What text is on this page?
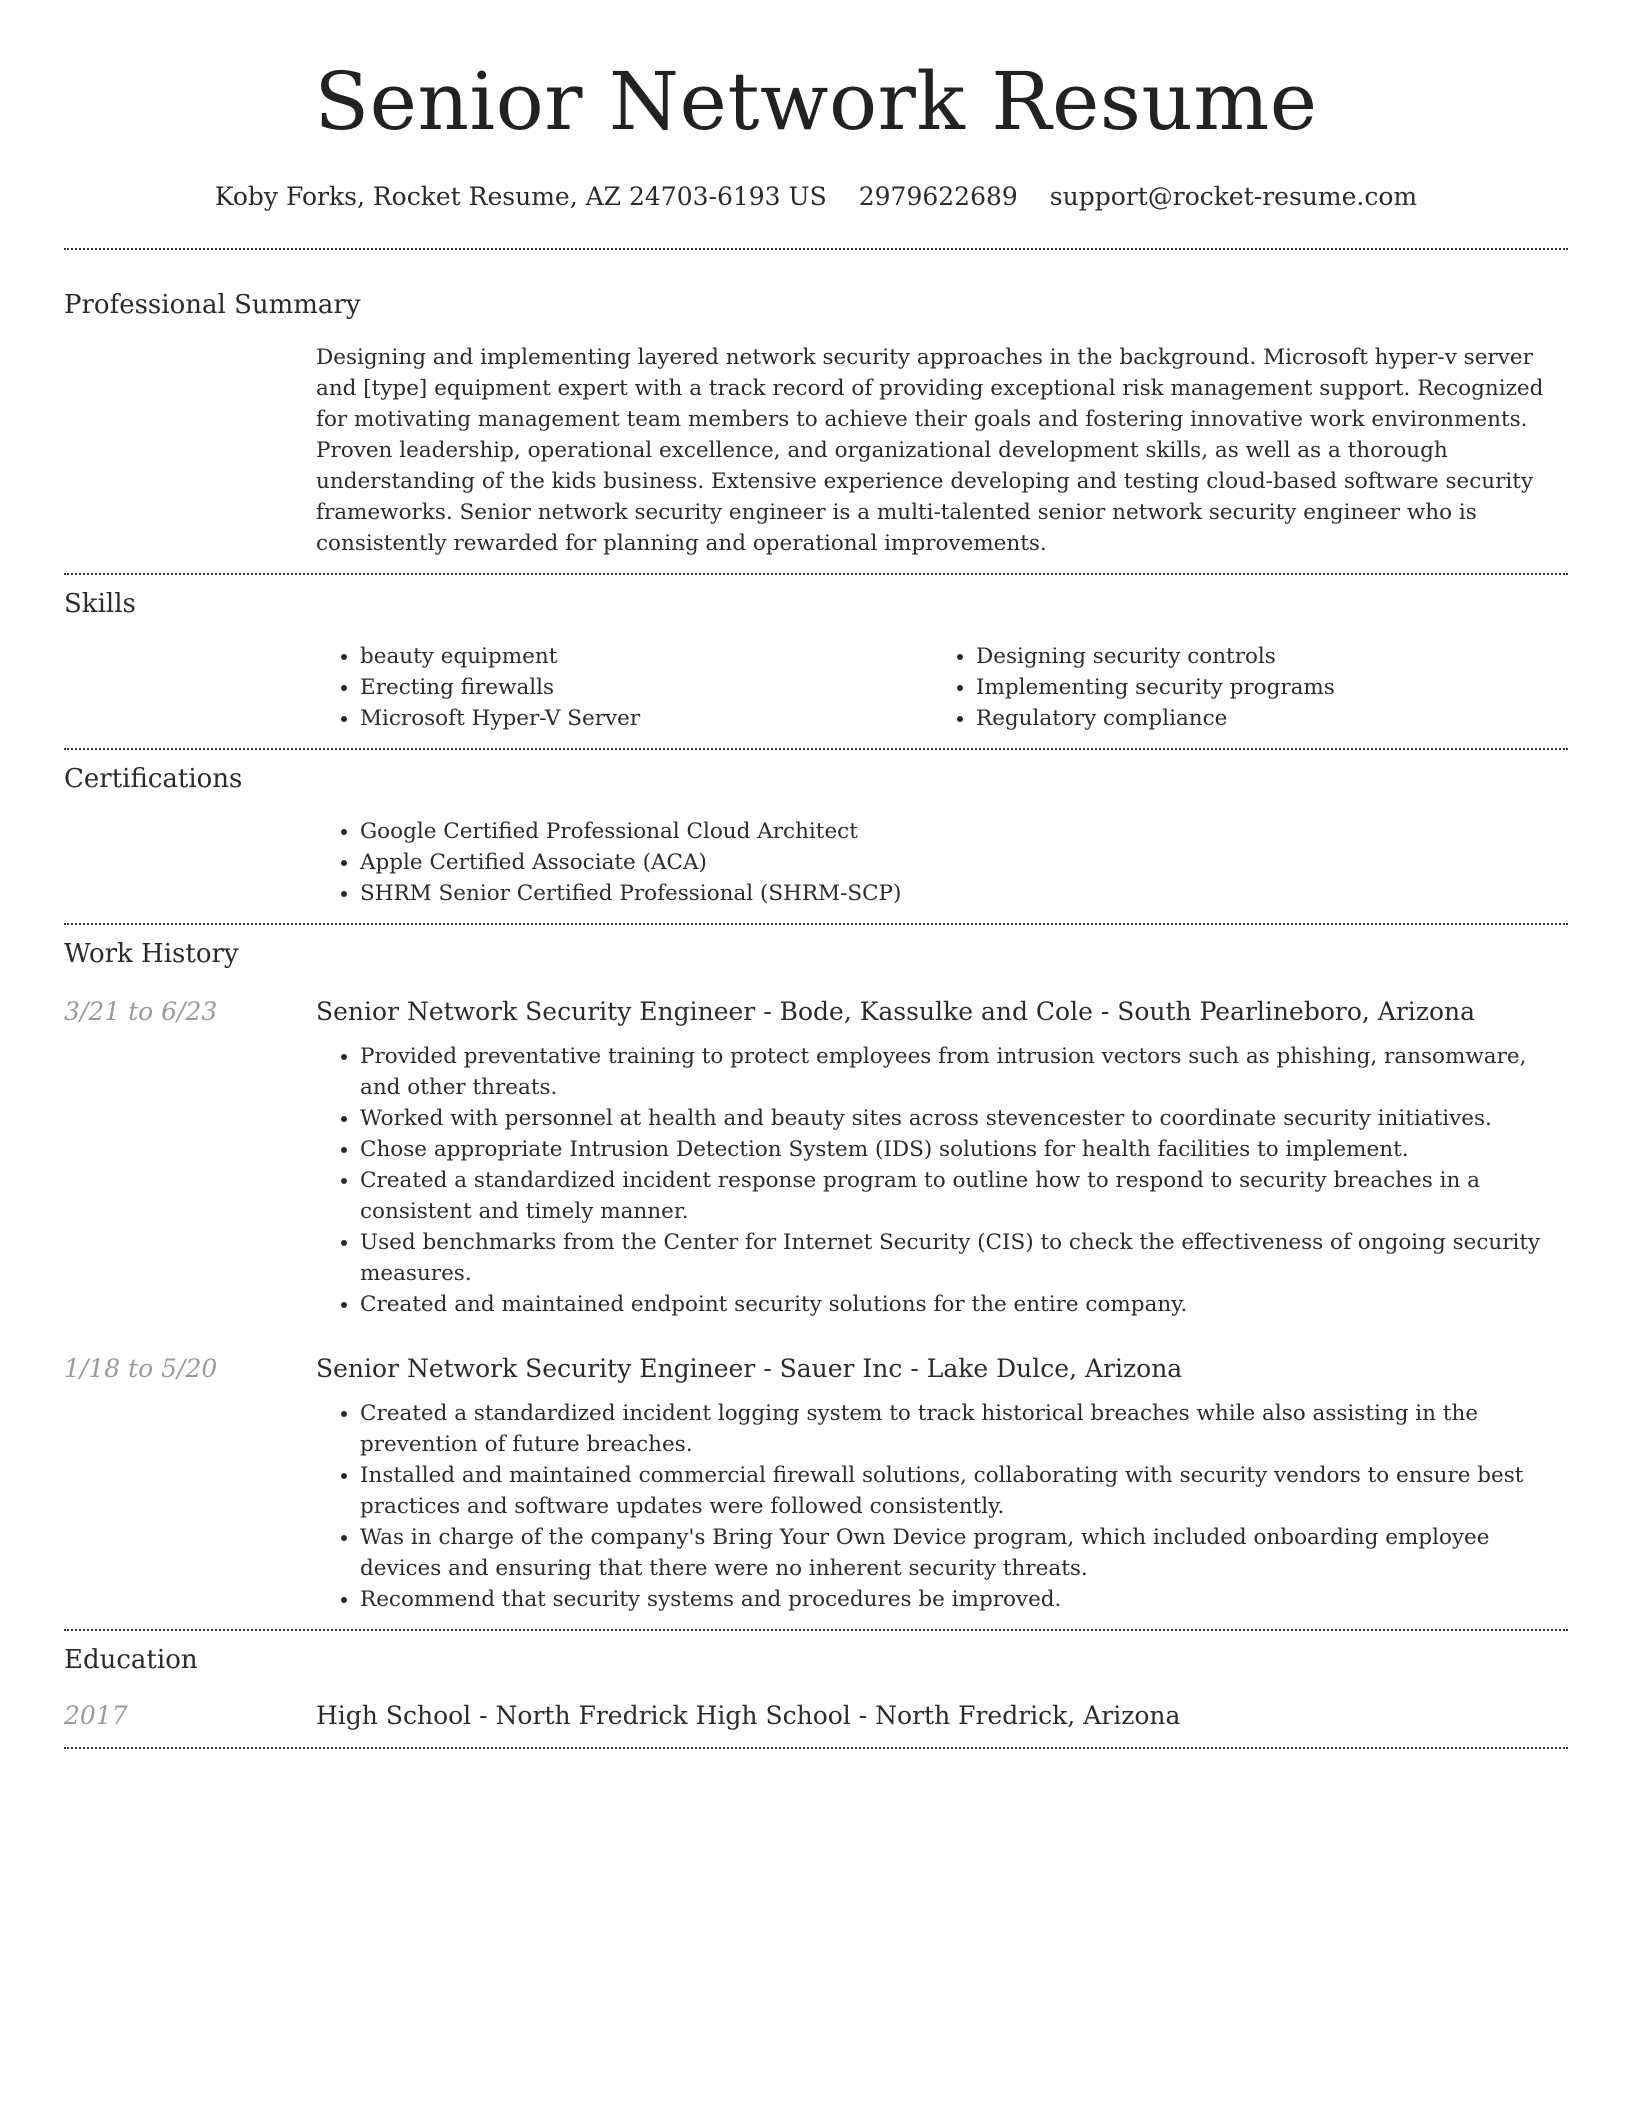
Senior Network Resume
Koby Forks, Rocket Resume, AZ 24703-6193 US 2979622689 support@rocket-resume.com
Professional Summary

Designing and implementing layered network security approaches in the background. Microsoft hyper-v server and [type] equipment expert with a track record of providing exceptional risk management support. Recognized for motivating management team members to achieve their goals and fostering innovative work environments. Proven leadership, operational excellence, and organizational development skills, as well as a thorough understanding of the kids business. Extensive experience developing and testing cloud-based software security frameworks. Senior network security engineer is a multi-talented senior network security engineer who is consistently rewarded for planning and operational improvements.

Skills
• beauty equipment
• Erecting firewalls
• Microsoft Hyper-V Server
• Designing security controls
• Implementing security programs
• Regulatory compliance
Certifications
• Google Certified Professional Cloud Architect
• Apple Certified Associate (ACA)
• SHRM Senior Certified Professional (SHRM-SCP)
Work History
3/21 to 6/23	Senior Network Security Engineer - Bode, Kassulke and Cole - South Pearlineboro, Arizona
• Provided preventative training to protect employees from intrusion vectors such as phishing, ransomware, and other threats.
• Worked with personnel at health and beauty sites across stevencester to coordinate security initiatives.
• Chose appropriate Intrusion Detection System (IDS) solutions for health facilities to implement.
• Created a standardized incident response program to outline how to respond to security breaches in a consistent and timely manner.
• Used benchmarks from the Center for Internet Security (CIS) to check the effectiveness of ongoing security measures.
• Created and maintained endpoint security solutions for the entire company.
1/18 to 5/20	Senior Network Security Engineer - Sauer Inc - Lake Dulce, Arizona
• Created a standardized incident logging system to track historical breaches while also assisting in the prevention of future breaches.
• Installed and maintained commercial firewall solutions, collaborating with security vendors to ensure best practices and software updates were followed consistently.
• Was in charge of the company's Bring Your Own Device program, which included onboarding employee devices and ensuring that there were no inherent security threats.
• Recommend that security systems and procedures be improved.
Education
2017	High School - North Fredrick High School - North Fredrick, Arizona
